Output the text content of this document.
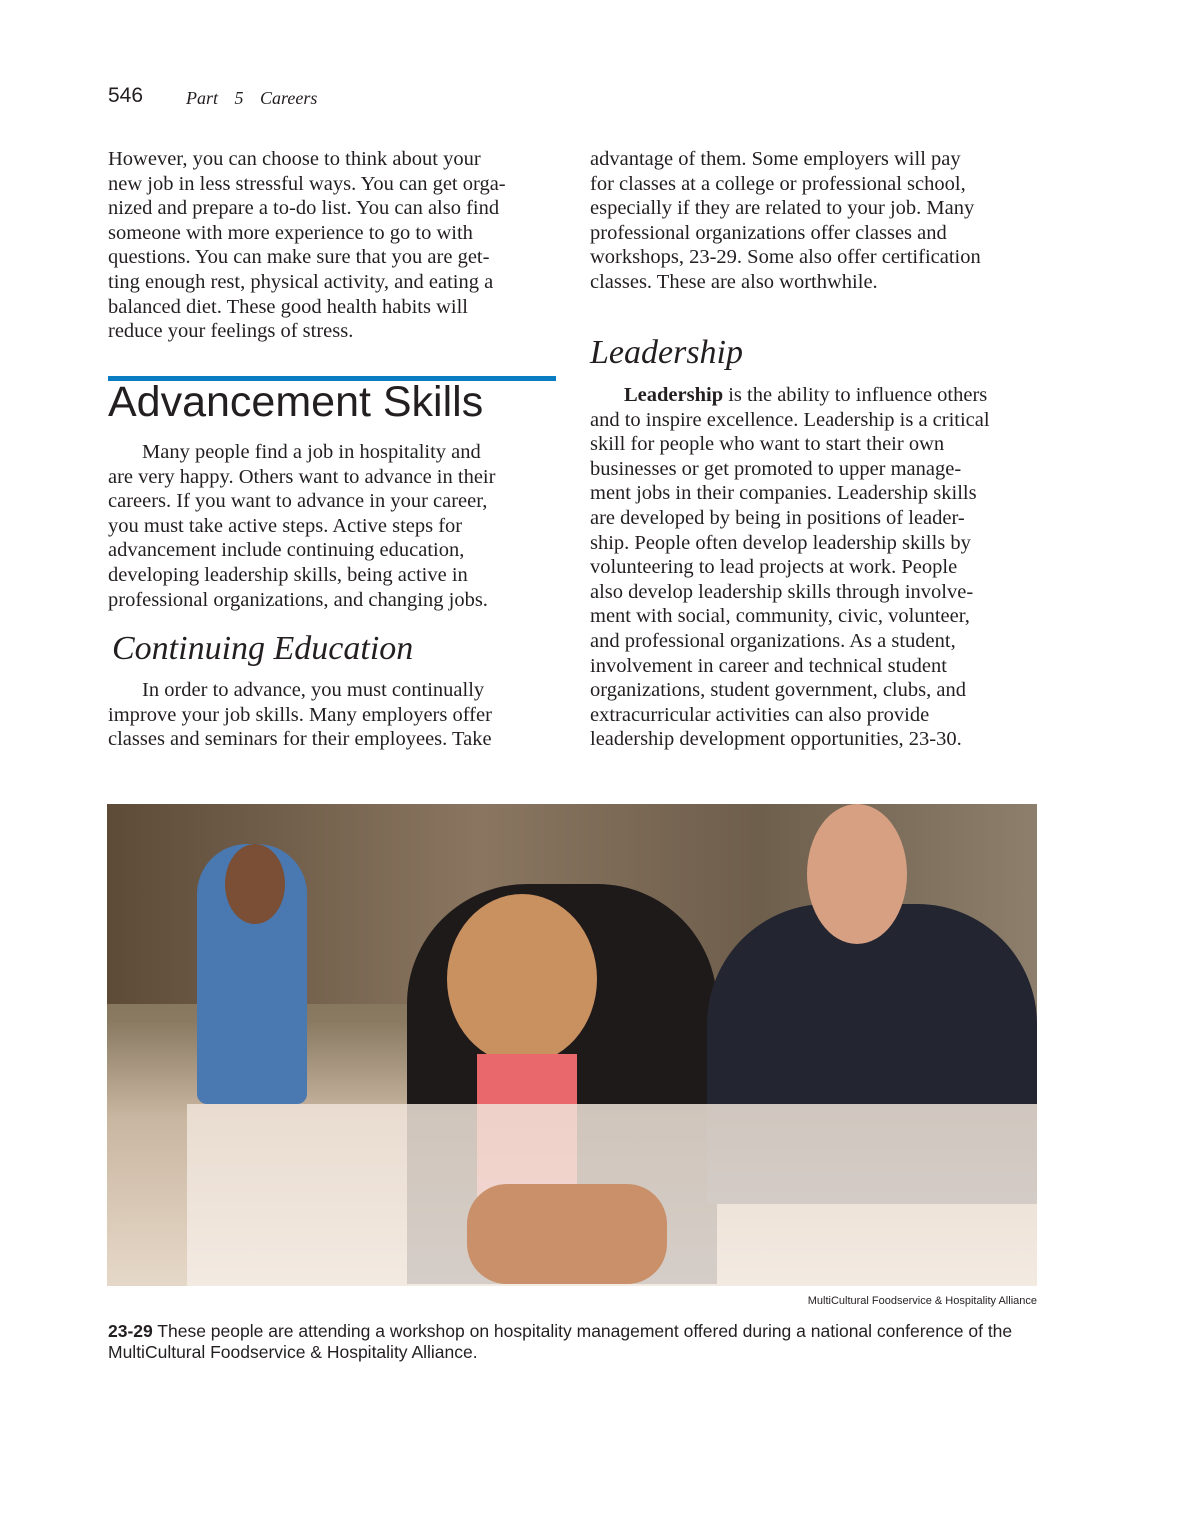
546 Part 5 Careers
However, you can choose to think about your
new job in less stressful ways. You can get orga-
nized and prepare a to-do list. You can also find
someone with more experience to go to with
questions. You can make sure that you are get-
ting enough rest, physical activity, and eating a
balanced diet. These good health habits will
reduce your feelings of stress.
Advancement Skills
Many people find a job in hospitality and
are very happy. Others want to advance in their
careers. If you want to advance in your career,
you must take active steps. Active steps for
advancement include continuing education,
developing leadership skills, being active in
professional organizations, and changing jobs.
Continuing Education
In order to advance, you must continually
improve your job skills. Many employers offer
classes and seminars for their employees. Take
advantage of them. Some employers will pay
for classes at a college or professional school,
especially if they are related to your job. Many
professional organizations offer classes and
workshops, 23-29. Some also offer certification
classes. These are also worthwhile.
Leadership
Leadership is the ability to influence others
and to inspire excellence. Leadership is a critical
skill for people who want to start their own
businesses or get promoted to upper manage-
ment jobs in their companies. Leadership skills
are developed by being in positions of leader-
ship. People often develop leadership skills by
volunteering to lead projects at work. People
also develop leadership skills through involve-
ment with social, community, civic, volunteer,
and professional organizations. As a student,
involvement in career and technical student
organizations, student government, clubs, and
extracurricular activities can also provide
leadership development opportunities, 23-30.
MultiCultural Foodservice & Hospitality Alliance
23-29 These people are attending a workshop on hospitality management offered during a national conference of the MultiCultural Foodservice & Hospitality Alliance.
